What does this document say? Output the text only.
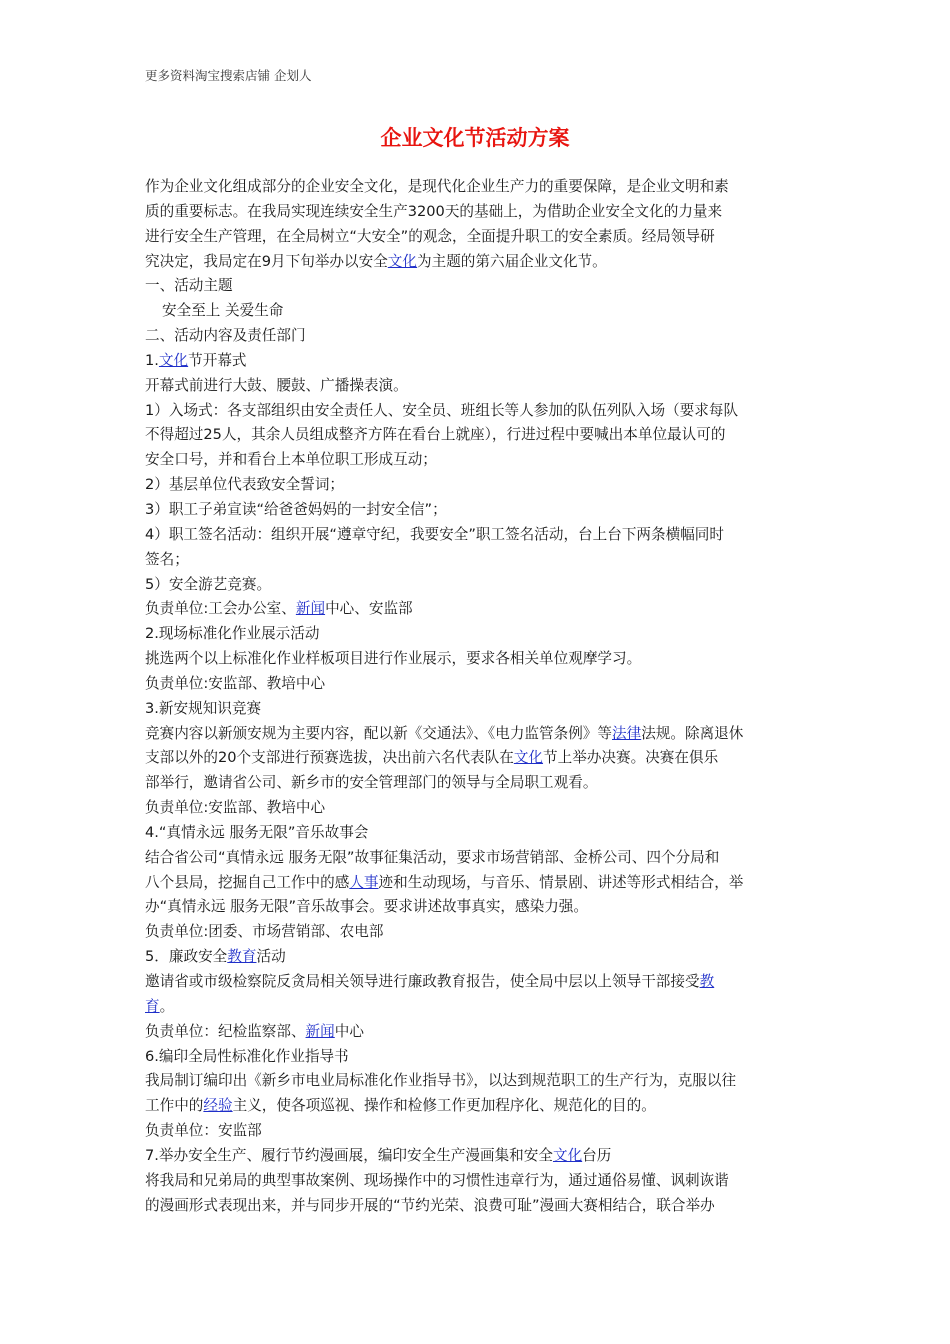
更多资料淘宝搜索店铺 企划人
企业文化节活动方案

作为企业文化组成部分的企业安全文化，是现代化企业生产力的重要保障，是企业文明和素

质的重要标志。在我局实现连续安全生产3200天的基础上，为借助企业安全文化的力量来

进行安全生产管理，在全局树立“大安全”的观念，全面提升职工的安全素质。经局领导研

究决定，我局定在9月下旬举办以安全文化为主题的第六届企业文化节。

一、活动主题

安全至上 关爱生命

二、活动内容及责任部门

1.文化节开幕式

开幕式前进行大鼓、腰鼓、广播操表演。

1）入场式：各支部组织由安全责任人、安全员、班组长等人参加的队伍列队入场（要求每队

不得超过25人，其余人员组成整齐方阵在看台上就座），行进过程中要喊出本单位最认可的

安全口号，并和看台上本单位职工形成互动；

2）基层单位代表致安全誓词；

3）职工子弟宣读“给爸爸妈妈的一封安全信”；

4）职工签名活动：组织开展“遵章守纪，我要安全”职工签名活动，台上台下两条横幅同时

签名；

5）安全游艺竞赛。

负责单位:工会办公室、新闻中心、安监部

2.现场标准化作业展示活动

挑选两个以上标准化作业样板项目进行作业展示，要求各相关单位观摩学习。

负责单位:安监部、教培中心

3.新安规知识竞赛

竞赛内容以新颁安规为主要内容，配以新《交通法》、《电力监管条例》等法律法规。除离退休

支部以外的20个支部进行预赛选拔，决出前六名代表队在文化节上举办决赛。决赛在俱乐

部举行，邀请省公司、新乡市的安全管理部门的领导与全局职工观看。

负责单位:安监部、教培中心

4.“真情永远 服务无限”音乐故事会

结合省公司“真情永远 服务无限”故事征集活动，要求市场营销部、金桥公司、四个分局和

八个县局，挖掘自己工作中的感人事迹和生动现场，与音乐、情景剧、讲述等形式相结合，举

办“真情永远 服务无限”音乐故事会。要求讲述故事真实，感染力强。

负责单位:团委、市场营销部、农电部

5．廉政安全教育活动

邀请省或市级检察院反贪局相关领导进行廉政教育报告，使全局中层以上领导干部接受教

育。

负责单位：纪检监察部、新闻中心

6.编印全局性标准化作业指导书

我局制订编印出《新乡市电业局标准化作业指导书》，以达到规范职工的生产行为，克服以往

工作中的经验主义，使各项巡视、操作和检修工作更加程序化、规范化的目的。

负责单位：安监部

7.举办安全生产、履行节约漫画展，编印安全生产漫画集和安全文化台历

将我局和兄弟局的典型事故案例、现场操作中的习惯性违章行为，通过通俗易懂、讽刺诙谐

的漫画形式表现出来，并与同步开展的“节约光荣、浪费可耻”漫画大赛相结合，联合举办
